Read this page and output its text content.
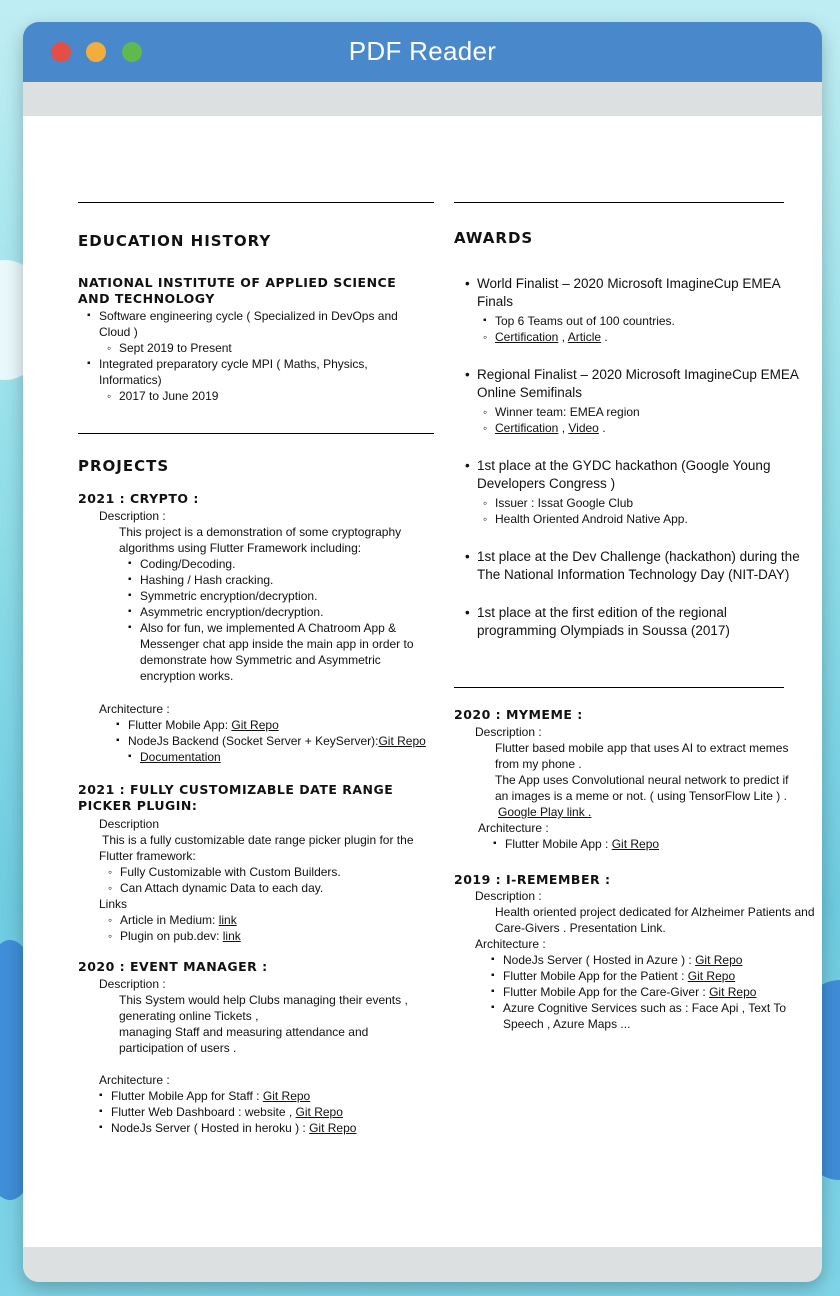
PDF Reader
EDUCATION HISTORY
NATIONAL INSTITUTE OF APPLIED SCIENCE AND TECHNOLOGY
▪ Software engineering cycle ( Specialized in DevOps and Cloud )
◦ Sept 2019 to Present
▪ Integrated preparatory cycle MPI ( Maths, Physics, Informatics)
◦ 2017 to June 2019
PROJECTS
2021 : CRYPTO :
Description :
This project is a demonstration of some cryptography algorithms using Flutter Framework including:
▪ Coding/Decoding.
▪ Hashing / Hash cracking.
▪ Symmetric encryption/decryption.
▪ Asymmetric encryption/decryption.
▪ Also for fun, we implemented A Chatroom App & Messenger chat app inside the main app in order to demonstrate how Symmetric and Asymmetric encryption works.
Architecture :
▪ Flutter Mobile App: Git Repo
▪ NodeJs Backend (Socket Server + KeyServer):Git Repo
▪ Documentation
2021 : FULLY CUSTOMIZABLE DATE RANGE PICKER PLUGIN:
Description
This is a fully customizable date range picker plugin for the Flutter framework:
◦ Fully Customizable with Custom Builders.
◦ Can Attach dynamic Data to each day.
Links
◦ Article in Medium: link
◦ Plugin on pub.dev: link
2020 : EVENT MANAGER :
Description :
This System would help Clubs managing their events , generating online Tickets ,
managing Staff and measuring attendance and participation of users .
Architecture :
▪ Flutter Mobile App for Staff : Git Repo
▪ Flutter Web Dashboard : website , Git Repo
▪ NodeJs Server ( Hosted in heroku ) : Git Repo
AWARDS
• World Finalist – 2020 Microsoft ImagineCup EMEA Finals
▪ Top 6 Teams out of 100 countries.
◦ Certification , Article .
• Regional Finalist – 2020 Microsoft ImagineCup EMEA Online Semifinals
◦ Winner team: EMEA region
◦ Certification , Video .
• 1st place at the GYDC hackathon (Google Young Developers Congress )
◦ Issuer : Issat Google Club
◦ Health Oriented Android Native App.
• 1st place at the Dev Challenge (hackathon) during the The National Information Technology Day (NIT-DAY)
• 1st place at the first edition of the regional programming Olympiads in Soussa (2017)
2020 : MYMEME :
Description :
Flutter based mobile app that uses AI to extract memes from my phone .
The App uses Convolutional neural network to predict if an images is a meme or not. ( using TensorFlow Lite ) .
Google Play link .
Architecture :
▪ Flutter Mobile App : Git Repo
2019 : I-REMEMBER :
Description :
Health oriented project dedicated for Alzheimer Patients and Care-Givers . Presentation Link.
Architecture :
▪ NodeJs Server ( Hosted in Azure ) : Git Repo
▪ Flutter Mobile App for the Patient : Git Repo
▪ Flutter Mobile App for the Care-Giver : Git Repo
▪ Azure Cognitive Services such as : Face Api , Text To Speech , Azure Maps ...
